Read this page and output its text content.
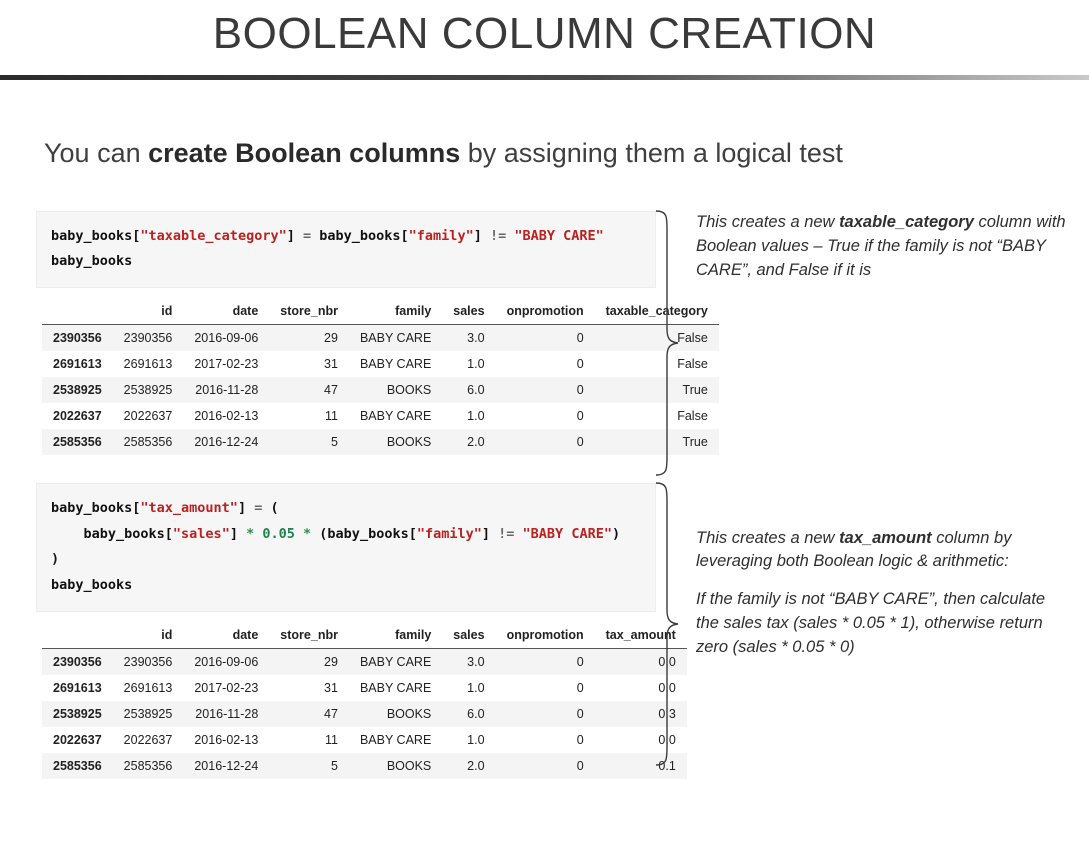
BOOLEAN COLUMN CREATION
You can create Boolean columns by assigning them a logical test
baby_books["taxable_category"] = baby_books["family"] != "BABY CARE"
baby_books
	id	date	store_nbr	family	sales	onpromotion	taxable_category
2390356	2390356	2016-09-06	29	BABY CARE	3.0	0	False
2691613	2691613	2017-02-23	31	BABY CARE	1.0	0	False
2538925	2538925	2016-11-28	47	BOOKS	6.0	0	True
2022637	2022637	2016-02-13	11	BABY CARE	1.0	0	False
2585356	2585356	2016-12-24	5	BOOKS	2.0	0	True
baby_books["tax_amount"] = (
baby_books["sales"] * 0.05 * (baby_books["family"] != "BABY CARE")
)
baby_books
	id	date	store_nbr	family	sales	onpromotion	tax_amount
2390356	2390356	2016-09-06	29	BABY CARE	3.0	0	0.0
2691613	2691613	2017-02-23	31	BABY CARE	1.0	0	0.0
2538925	2538925	2016-11-28	47	BOOKS	6.0	0	0.3
2022637	2022637	2016-02-13	11	BABY CARE	1.0	0	0.0
2585356	2585356	2016-12-24	5	BOOKS	2.0	0	0.1
This creates a new taxable_category column with Boolean values – True if the family is not “BABY CARE”, and False if it is
This creates a new tax_amount column by leveraging both Boolean logic & arithmetic:
If the family is not “BABY CARE”, then calculate the sales tax (sales * 0.05 * 1), otherwise return zero (sales * 0.05 * 0)
